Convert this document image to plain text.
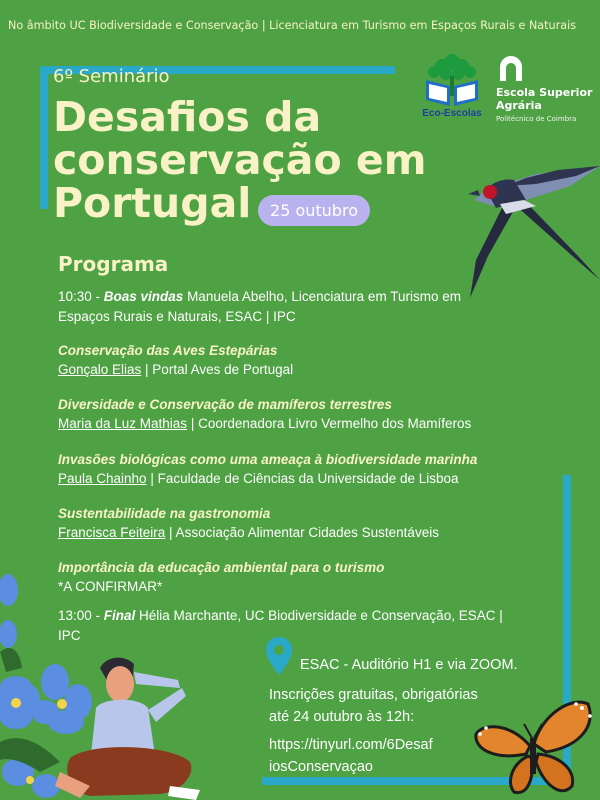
No âmbito UC Biodiversidade e Conservação | Licenciatura em Turismo em Espaços Rurais e Naturais
6º Seminário
Desafios da
conservação em
Portugal	25 outubro
Eco-Escolas
Escola Superior
Agrária
Politécnico de Coimbra
Programa
10:30 - Boas vindas Manuela Abelho, Licenciatura em Turismo em
Espaços Rurais e Naturais, ESAC | IPC
Conservação das Aves Estepárias
Gonçalo Elias | Portal Aves de Portugal
Diversidade e Conservação de mamíferos terrestres
Maria da Luz Mathias | Coordenadora Livro Vermelho dos Mamíferos
Invasões biológicas como uma ameaça à biodiversidade marinha
Paula Chainho | Faculdade de Ciências da Universidade de Lisboa
Sustentabilidade na gastronomia
Francisca Feiteira | Associação Alimentar Cidades Sustentáveis
Importância da educação ambiental para o turismo
*A CONFIRMAR*
13:00 - Final Hélia Marchante, UC Biodiversidade e Conservação, ESAC |
IPC
ESAC - Auditório H1 e via ZOOM.
Inscrições gratuitas, obrigatórias
até 24 outubro às 12h:
https://tinyurl.com/6Desaf
iosConservaçao
